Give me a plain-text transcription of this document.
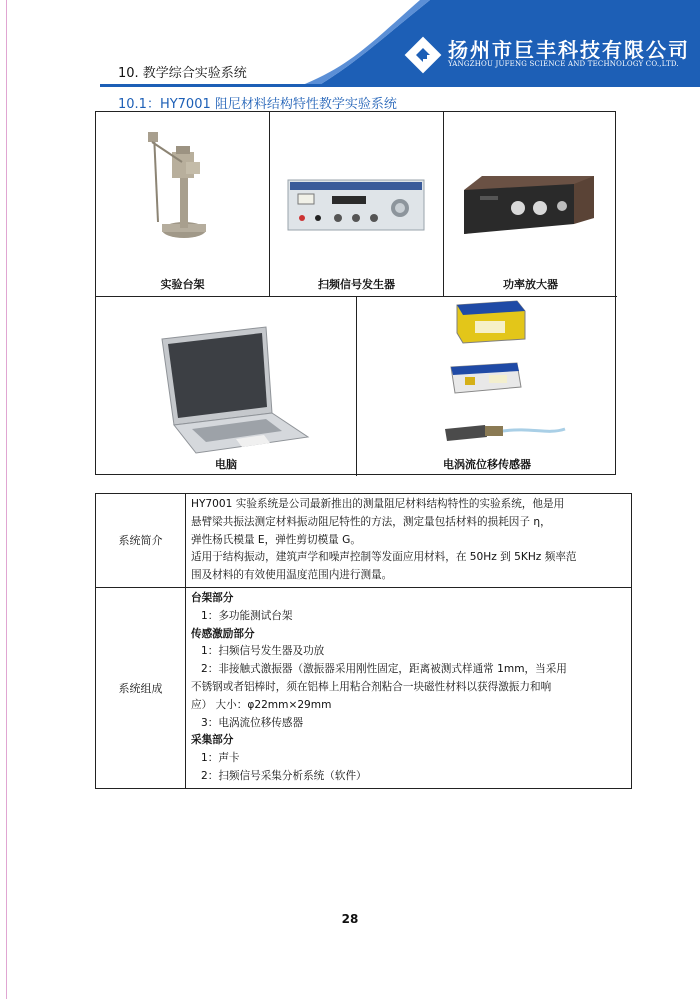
10. 教学综合实验系统
扬州市巨丰科技有限公司
YANGZHOU JUFENG SCIENCE AND TECHNOLOGY CO.,LTD.
10.1：HY7001 阻尼材料结构特性教学实验系统
实验台架	扫频信号发生器	功率放大器
电脑	电涡流位移传感器
系统简介
HY7001 实验系统是公司最新推出的测量阻尼材料结构特性的实验系统，他是用
悬臂梁共振法测定材料振动阻尼特性的方法，测定量包括材料的损耗因子 η，
弹性杨氏模量 E，弹性剪切模量 G。
适用于结构振动，建筑声学和噪声控制等发面应用材料，在 50Hz 到 5KHz 频率范
围及材料的有效使用温度范围内进行测量。
系统组成
台架部分
1：多功能测试台架
传感激励部分
1：扫频信号发生器及功放
2：非接触式激振器（激振器采用刚性固定，距离被测式样通常 1mm，当采用
不锈钢或者铝棒时，须在铝棒上用粘合剂粘合一块磁性材料以获得激振力和响
应） 大小：φ22mm×29mm
3：电涡流位移传感器
采集部分
1：声卡
2：扫频信号采集分析系统（软件）
28
